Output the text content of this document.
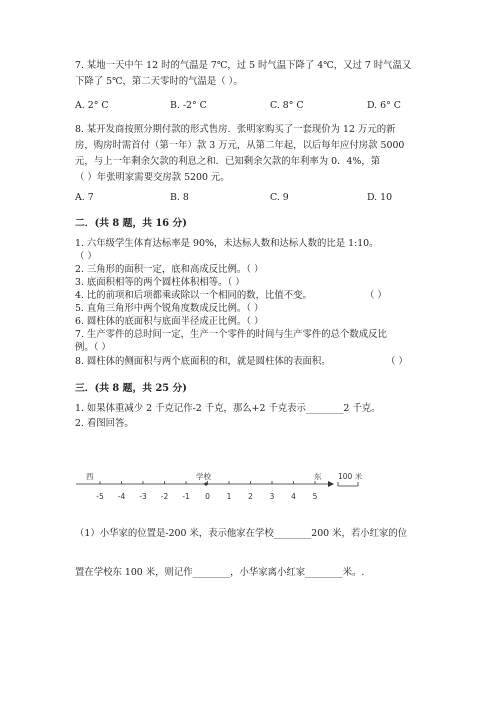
7. 某地一天中午 12 时的气温是 7℃，过 5 时气温下降了 4℃，又过 7 时气温又
下降了 5℃，第二天零时的气温是（ ）。
A. 2° C	B. -2° C	C. 8° C	D. 6° C
8. 某开发商按照分期付款的形式售房．张明家购买了一套现价为 12 万元的新
房，购房时需首付（第一年）款 3 万元，从第二年起，以后每年应付房款 5000
元，与上一年剩余欠款的利息之和．已知剩余欠款的年利率为 0．4%，第
（ ）年张明家需要交房款 5200 元。
A. 7	B. 8	C. 9	D. 10
二．(共 8 题，共 16 分)
1. 六年级学生体育达标率是 90%，未达标人数和达标人数的比是 1:10。
（ ）
2. 三角形的面积一定，底和高成反比例。（ ）
3. 底面积相等的两个圆柱体积相等。（ ）
4. 比的前项和后项都乘或除以一个相同的数，比值不变。	（ ）
5. 直角三角形中两个锐角度数成反比例。（ ）
6. 圆柱体的底面积与底面半径成正比例。（ ）
7. 生产零件的总时间一定，生产一个零件的时间与生产零件的总个数成反比
例。（ ）
8. 圆柱体的侧面积与两个底面积的和，就是圆柱体的表面积。	（ ）
三．(共 8 题，共 25 分)
1. 如果体重减少 2 千克记作-2 千克，那么+2 千克表示________2 千克。
2. 看图回答。
西	学校	东 100 米
-5 -4 -3 -2 -1 0 1 2 3 4 5
（1）小华家的位置是-200 米，表示他家在学校________200 米，若小红家的位
置在学校东 100 米，则记作________，小华家离小红家________米。.
